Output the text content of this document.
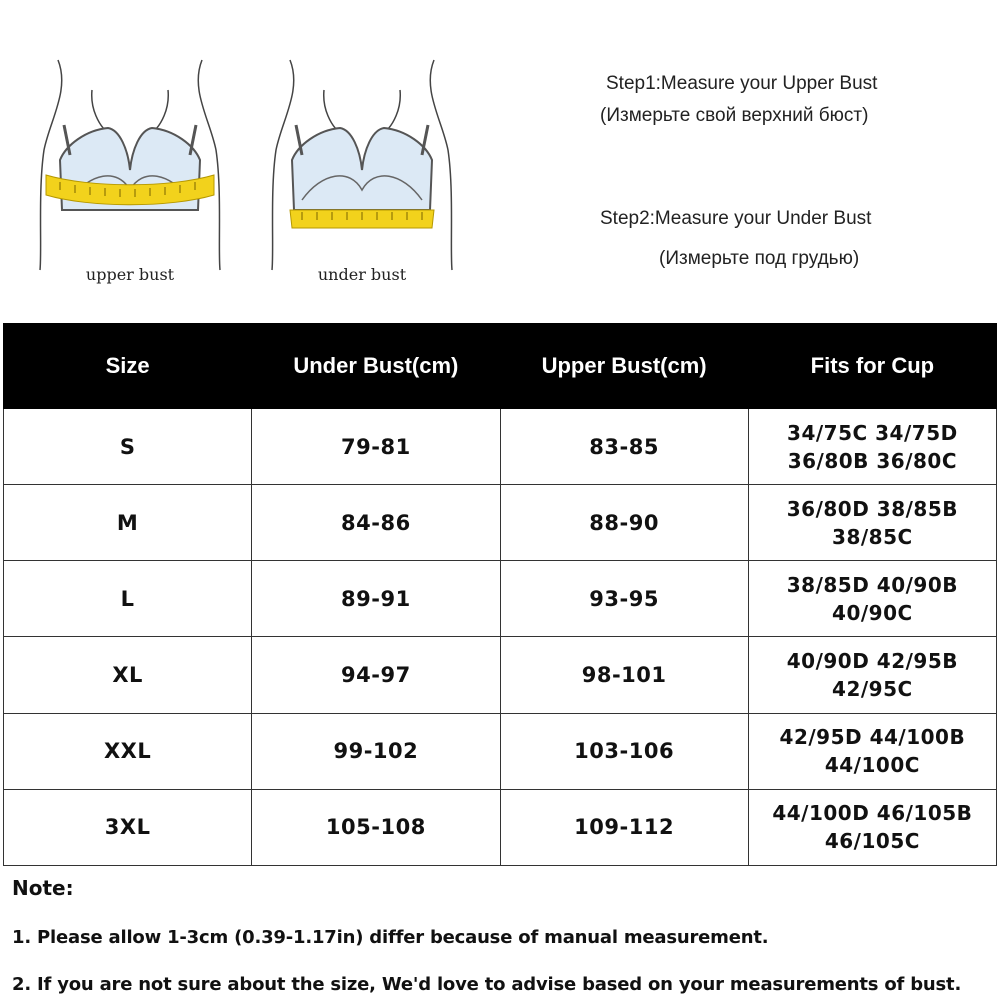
upper bust	under bust
Step1:Measure your Upper Bust
(Измерьте свой верхний бюст)
Step2:Measure your Under Bust
(Измерьте под грудью)
Size	Under Bust(cm)	Upper Bust(cm)	Fits for Cup
S	79-81	83-85	34/75C 34/75D
36/80B 36/80C

M	84-86	88-90	36/80D 38/85B
38/85C

L	89-91	93-95	38/85D 40/90B
40/90C

XL	94-97	98-101	40/90D 42/95B
42/95C

XXL	99-102	103-106	42/95D 44/100B
44/100C

3XL	105-108	109-112	44/100D 46/105B
46/105C
Note:
1. Please allow 1-3cm (0.39-1.17in) differ because of manual measurement.
2. If you are not sure about the size, We'd love to advise based on your measurements of bust.
